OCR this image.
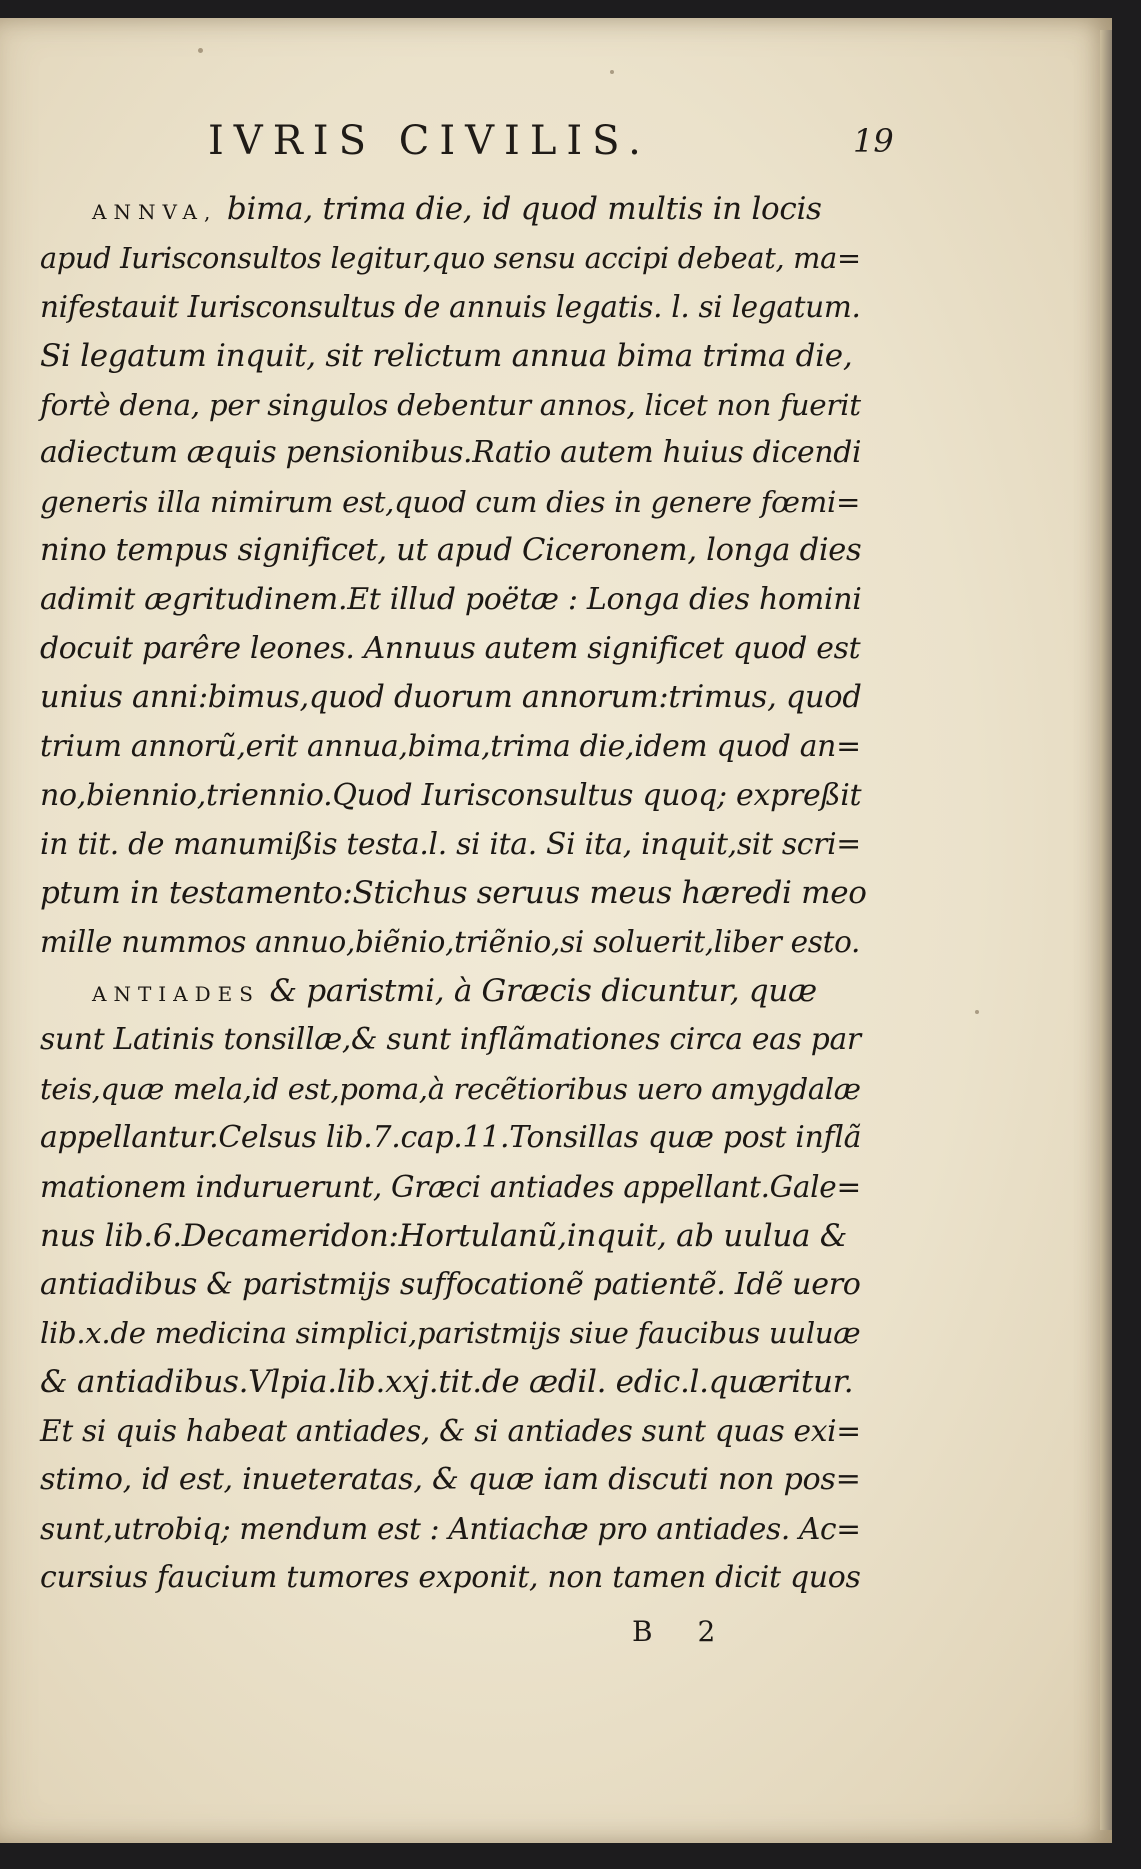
IVRIS CIVILIS.	19
ANNVA, bima, trima die, id quod multis in locis
apud Iurisconsultos legitur,quo sensu accipi debeat, ma=
nifestauit Iurisconsultus de annuis legatis. l. si legatum.
Si legatum inquit, sit relictum annua bima trima die,
fortè dena, per singulos debentur annos, licet non fuerit
adiectum æquis pensionibus.Ratio autem huius dicendi
generis illa nimirum est,quod cum dies in genere fœmi=
nino tempus significet, ut apud Ciceronem, longa dies
adimit ægritudinem.Et illud poëtæ : Longa dies homini
docuit parêre leones. Annuus autem significet quod est
unius anni:bimus,quod duorum annorum:trimus, quod
trium annorũ,erit annua,bima,trima die,idem quod an=
no,biennio,triennio.Quod Iurisconsultus quoq; expreßit
in tit. de manumißis testa.l. si ita. Si ita, inquit,sit scri=
ptum in testamento:Stichus seruus meus hæredi meo
mille nummos annuo,biẽnio,triẽnio,si soluerit,liber esto.
ANTIADES & paristmi, à Græcis dicuntur, quæ
sunt Latinis tonsillæ,& sunt inflãmationes circa eas par
teis,quæ mela,id est,poma,à recẽtioribus uero amygdalæ
appellantur.Celsus lib.7.cap.11.Tonsillas quæ post inflã
mationem induruerunt, Græci antiades appellant.Gale=
nus lib.6.Decameridon:Hortulanũ,inquit, ab uulua &
antiadibus & paristmijs suffocationẽ patientẽ. Idẽ uero
lib.x.de medicina simplici,paristmijs siue faucibus uuluæ
& antiadibus.Vlpia.lib.xxj.tit.de ædil. edic.l.quæritur.
Et si quis habeat antiades, & si antiades sunt quas exi=
stimo, id est, inueteratas, & quæ iam discuti non pos=
sunt,utrobiq; mendum est : Antiachæ pro antiades. Ac=
cursius faucium tumores exponit, non tamen dicit quos
B 2
